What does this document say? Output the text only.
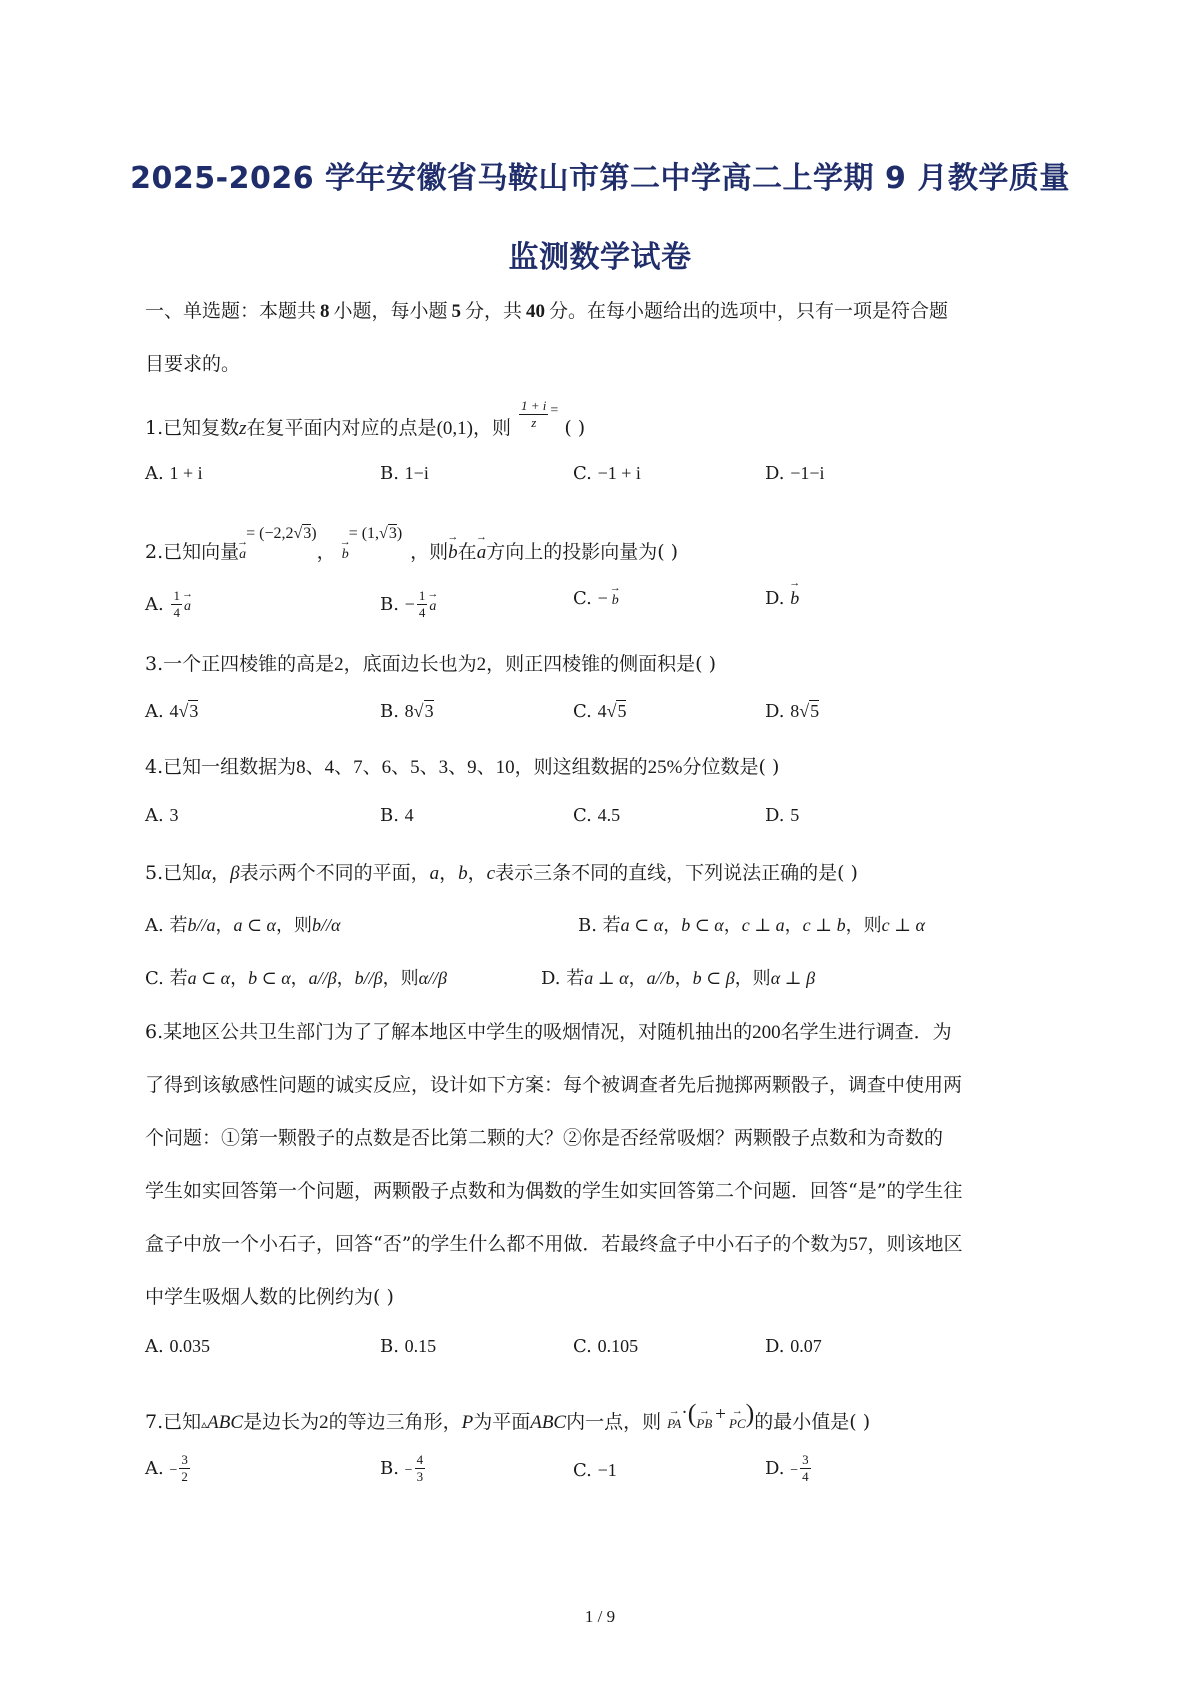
2025-2026 学年安徽省马鞍山市第二中学高二上学期 9 月教学质量
监测数学试卷
一、单选题：本题共 8 小题，每小题 5 分，共 40 分。在每小题给出的选项中，只有一项是符合题
目要求的。
1.已知复数z在复平面内对应的点是(0,1)，则 $\frac{1 + i}{z} ^=$( )
A. 1 + i	B. 1−i	C. −1 + i	D. −1−i
2.已知向量→ $a^{= (-2,2√3)}$， → $b^{= (1,√3)}$，则→ b在→ a方向上的投影向量为( )
A. $\frac{1}{4}$
→ a	B. − $\frac{1}{4}$
→ a	C. −→ b	D. → b
3.一个正四棱锥的高是2，底面边长也为2，则正四棱锥的侧面积是( )
A. 4√3	B. 8√3	C. 4√5	D. 8√5
4.已知一组数据为8、4、7、6、5、3、9、10，则这组数据的25%分位数是( )
A. 3	B. 4	C. 4.5	D. 5
5.已知α，β表示两个不同的平面，a，b，c表示三条不同的直线，下列说法正确的是( )
A. 若b//a，a ⊂ α，则b//α	B. 若a ⊂ α，b ⊂ α，c ⊥ a，c ⊥ b，则c ⊥ α
C. 若a ⊂ α，b ⊂ α，a//β，b//β，则α//β	D. 若a ⊥ α，a//b，b ⊂ β，则α ⊥ β
6.某地区公共卫生部门为了了解本地区中学生的吸烟情况，对随机抽出的200名学生进行调查．为
了得到该敏感性问题的诚实反应，设计如下方案：每个被调查者先后抛掷两颗骰子，调查中使用两
个问题：①第一颗骰子的点数是否比第二颗的大？②你是否经常吸烟？两颗骰子点数和为奇数的
学生如实回答第一个问题，两颗骰子点数和为偶数的学生如实回答第二个问题．回答“是”的学生往
盒子中放一个小石子，回答“否”的学生什么都不用做．若最终盒子中小石子的个数为57，则该地区
中学生吸烟人数的比例约为( )
A. 0.035	B. 0.15	C. 0.105	D. 0.07
7.已知▵ABC是边长为2的等边三角形，P为平面ABC内一点，则 → PA·(→ PB +→ PC)的最小值是( )
A. − $\frac{3}{2}$	B. − $\frac{4}{3}$	C. −1	D. − $\frac{3}{4}$
1 / 9
